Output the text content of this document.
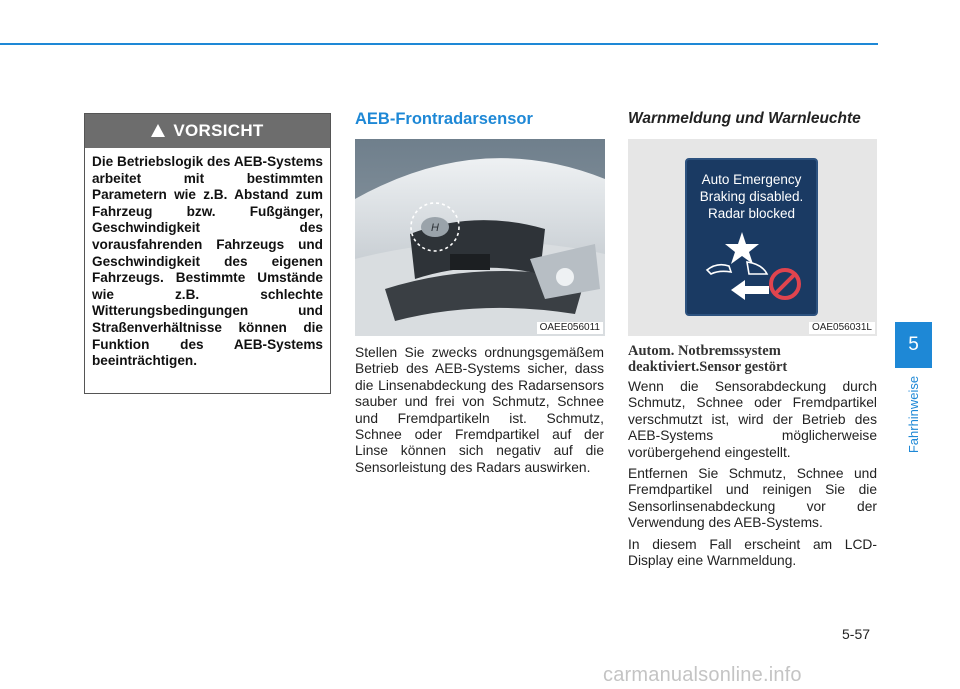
VORSICHT
Die Betriebslogik des AEB-Systems arbeitet mit bestimmten Parametern wie z.B. Abstand zum Fahrzeug bzw. Fußgänger, Geschwindigkeit des vorausfahrenden Fahrzeugs und Geschwindigkeit des eigenen Fahrzeugs. Bestimmte Umstände wie z.B. schlechte Witterungsbedingungen und Straßenverhältnisse können die Funktion des AEB-Systems beeinträchtigen.
AEB-Frontradarsensor
H
OAEE056011
Stellen Sie zwecks ordnungsgemäßem Betrieb des AEB-Systems sicher, dass die Linsenabdeckung des Radarsensors sauber und frei von Schmutz, Schnee und Fremdpartikeln ist. Schmutz, Schnee oder Fremdpartikel auf der Linse können sich negativ auf die Sensorleistung des Radars auswirken.
Warnmeldung und Warnleuchte
Auto Emergency
Braking disabled.
Radar blocked
OAE056031L
Autom. Notbremssystem
deaktiviert.Sensor gestört

Wenn die Sensorabdeckung durch Schmutz, Schnee oder Fremdpartikel verschmutzt ist, wird der Betrieb des AEB-Systems möglicherweise vorübergehend eingestellt.

Entfernen Sie Schmutz, Schnee und Fremdpartikel und reinigen Sie die Sensorlinsenabdeckung vor der Verwendung des AEB-Systems.

In diesem Fall erscheint am LCD-Display eine Warnmeldung.

5
Fahrhinweise
5-57
carmanualsonline.info
